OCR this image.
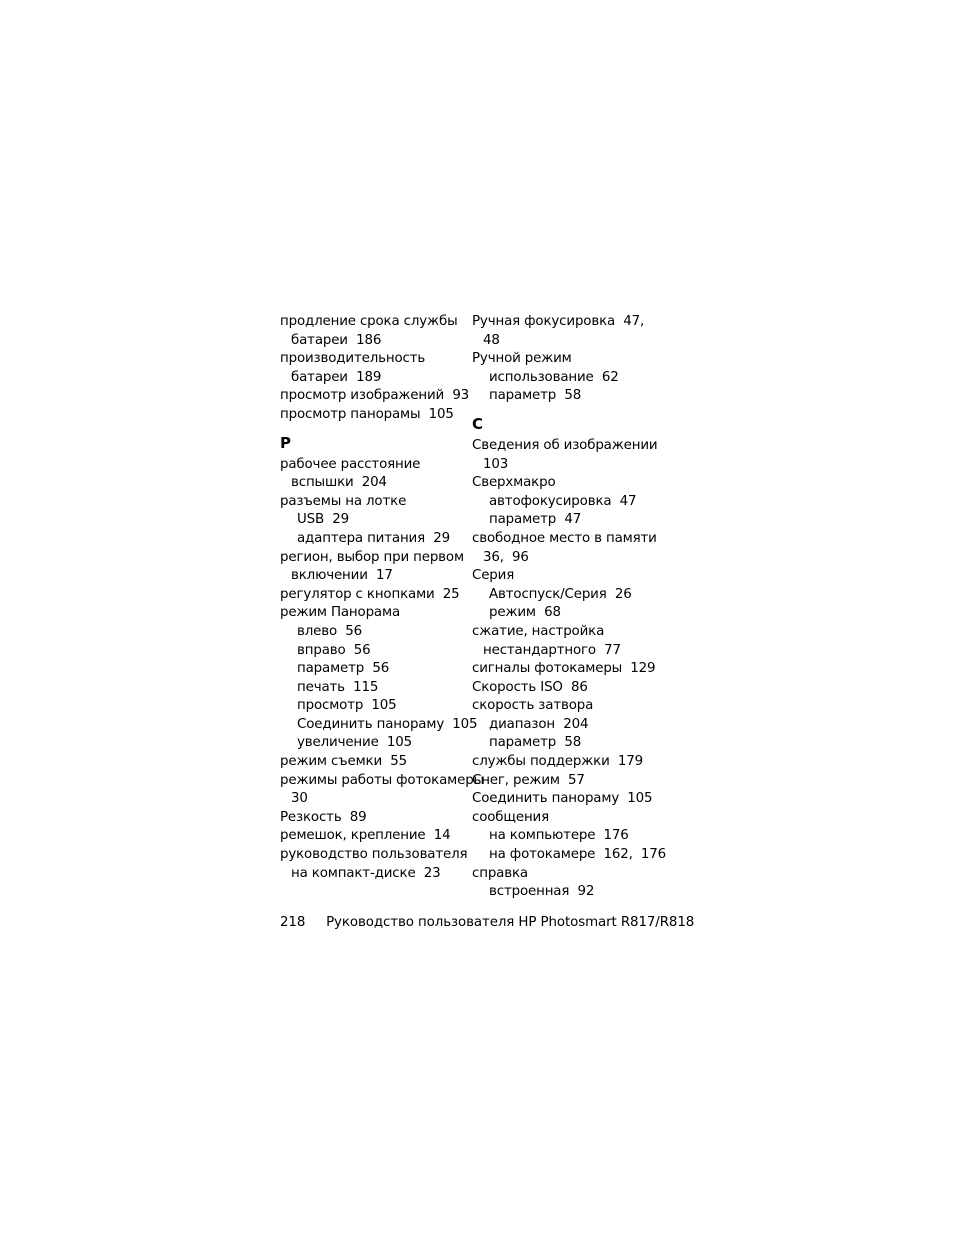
продление срока службы
батареи  186
производительность
батареи  189
просмотр изображений  93
просмотр панорамы  105
P
рабочее расстояние
вспышки  204
разъемы на лотке
USB  29
адаптера питания  29
регион, выбор при первом
включении  17
регулятор с кнопками  25
режим Панорама
влево  56
вправо  56
параметр  56
печать  115
просмотр  105
Соединить панораму  105
увеличение  105
режим съемки  55
режимы работы фотокамеры
30
Резкость  89
ремешок, крепление  14
руководство пользователя
на компакт-диске  23
Ручная фокусировка  47,
48
Ручной режим
использование  62
параметр  58
C
Сведения об изображении
103
Сверхмакро
автофокусировка  47
параметр  47
свободное место в памяти
36,  96
Серия
Автоспуск/Серия  26
режим  68
сжатие, настройка
нестандартного  77
сигналы фотокамеры  129
Скорость ISO  86
скорость затвора
диапазон  204
параметр  58
службы поддержки  179
Снег, режим  57
Соединить панораму  105
сообщения
на компьютере  176
на фотокамере  162,  176
справка
встроенная  92
218 Руководство пользователя HP Photosmart R817/R818
